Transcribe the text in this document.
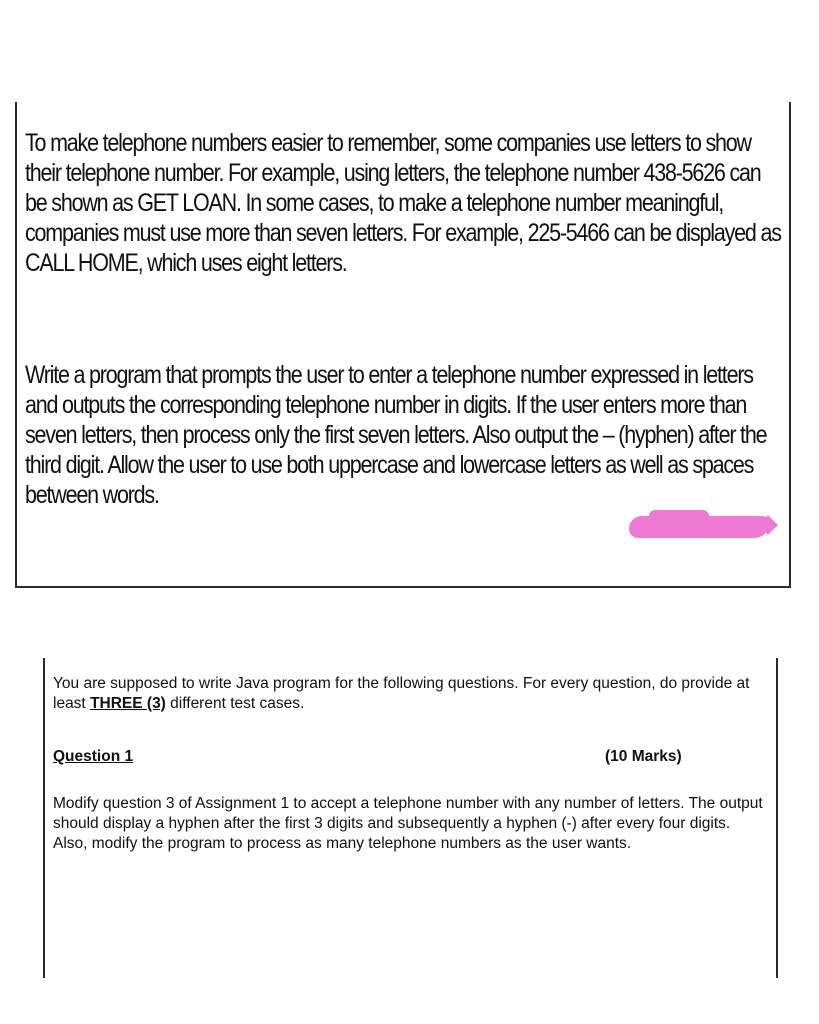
To make telephone numbers easier to remember, some companies use letters to show their telephone number. For example, using letters, the telephone number 438-5626 can be shown as GET LOAN. In some cases, to make a telephone number meaningful, companies must use more than seven letters. For example, 225-5466 can be displayed as CALL HOME, which uses eight letters.

Write a program that prompts the user to enter a telephone number expressed in letters and outputs the corresponding telephone number in digits. If the user enters more than seven letters, then process only the first seven letters. Also output the – (hyphen) after the third digit. Allow the user to use both uppercase and lowercase letters as well as spaces between words.

You are supposed to write Java program for the following questions. For every question, do provide at least THREE (3) different test cases.

Question 1	(10 Marks)

Modify question 3 of Assignment 1 to accept a telephone number with any number of letters. The output should display a hyphen after the first 3 digits and subsequently a hyphen (-) after every four digits. Also, modify the program to process as many telephone numbers as the user wants.
